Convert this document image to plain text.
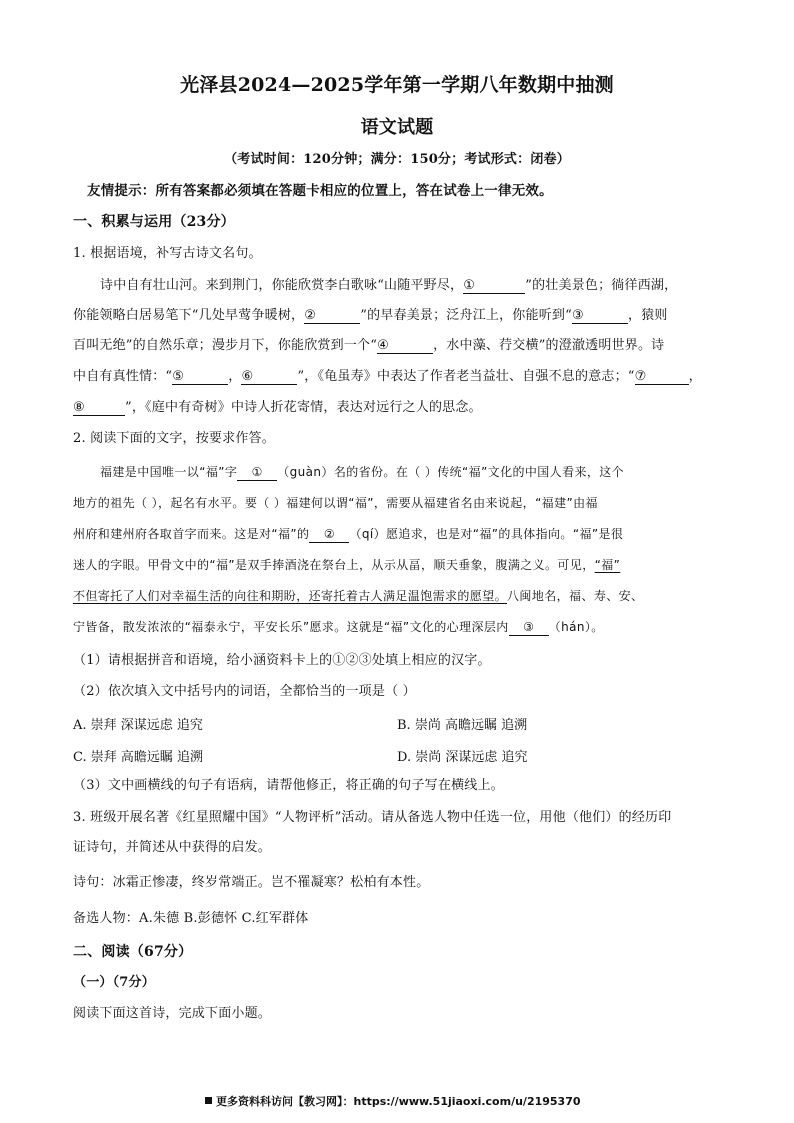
光泽县2024—2025学年第一学期八年数期中抽测
语文试题
（考试时间：120分钟；满分：150分；考试形式：闭卷）
友情提示：所有答案都必须填在答题卡相应的位置上，答在试卷上一律无效。
一、积累与运用（23分）
1. 根据语境，补写古诗文名句。
诗中自有壮山河。来到荆门，你能欣赏李白歌咏“山随平野尽，①	”的壮美景色；徜徉西湖，
你能领略白居易笔下“几处早莺争暖树，②	”的早春美景；泛舟江上，你能听到“③	，猿则
百叫无绝”的自然乐章；漫步月下，你能欣赏到一个“④	，水中藻、荇交横”的澄澈透明世界。诗
中自有真性情：“⑤	，⑥	”，《龟虽寿》中表达了作者老当益壮、自强不息的意志；“⑦	，
⑧	”，《庭中有奇树》中诗人折花寄情，表达对远行之人的思念。
2. 阅读下面的文字，按要求作答。
福建是中国唯一以“福”字 ① （guàn）名的省份。在（ ）传统“福”文化的中国人看来，这个
地方的祖先（ ），起名有水平。要（ ）福建何以谓“福”，需要从福建省名由来说起，“福建”由福
州府和建州府各取首字而来。这是对“福”的 ② （qí）愿追求，也是对“福”的具体指向。“福”是很
迷人的字眼。甲骨文中的“福”是双手捧酒浇在祭台上，从示从畐，顺天垂象，腹满之义。可见，“福”
不但寄托了人们对幸福生活的向往和期盼，还寄托着古人满足温饱需求的愿望。八闽地名，福、寿、安、
宁皆备，散发浓浓的“福泰永宁，平安长乐”愿求。这就是“福”文化的心理深层内 ③ （hán）。
（1）请根据拼音和语境，给小涵资料卡上的①②③处填上相应的汉字。
（2）依次填入文中括号内的词语，全都恰当的一项是（ ）
A. 崇拜 深谋远虑 追究	B. 崇尚 高瞻远瞩 追溯
C. 崇拜 高瞻远瞩 追溯	D. 崇尚 深谋远虑 追究
（3）文中画横线的句子有语病，请帮他修正，将正确的句子写在横线上。
3. 班级开展名著《红星照耀中国》“人物评析”活动。请从备选人物中任选一位，用他（他们）的经历印
证诗句，并简述从中获得的启发。
诗句：冰霜正惨凄，终岁常端正。岂不罹凝寒？松柏有本性。
备选人物：A.朱德 B.彭德怀 C.红军群体
二、阅读（67分）
（一）（7分）
阅读下面这首诗，完成下面小题。
更多资料科访问【教习网】：https://www.51jiaoxi.com/u/2195370
